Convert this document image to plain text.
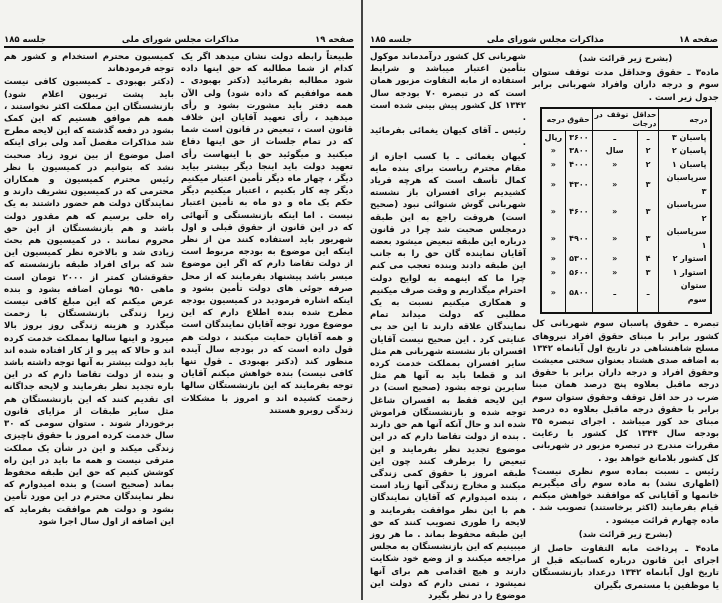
صفحه ۱۹
مذاکرات مجلس شورای ملی
جلسه ۱۸۵

طبیعتاً رابطه دولت نشان میدهد اگر یک کدام از شما مطالبه که حق اینها داده شود مطالبه بفرمائید (دکتر بهبودی ـ همه موافقیم که داده شود) ولی الآن همه دفتر باید مشورت بشود و رأی میدهید ، رأی تعهید آقایان این خلاف قانون است ، تبعیض در قانون است شما که در تمام جلسات از حق اینها دفاع میکنید و میگوئید حق با اینهاست رأی تعهید دولت باید اینجا دیگر بیشتر بیاید دیگر ، چهار ماه دیگر تأمین اعتبار میکنیم دیگر چه کار بکنیم ، اعتبار میکنیم دیگر حکم یک ماه و دو ماه به تأمین اعتبار نیست . اما اینکه بازنشستگی و آنهائی که در این قانون از حقوق قبلی و اول شهریور باید استفاده کنند من از نظر اینکه این موضوع به بودجه مربوط است از دولت تقاضا دارم که اگر این موضوع میسر باشد پیشنهاد بفرمایند که از محل صرفه جوئی های دولت تأمین بشود و اینکه اشاره فرمودید در کمیسیون بودجه مطرح شده بنده اطلاع دارم که این موضوع مورد توجه آقایان نمایندگان است و همه آقایان حمایت میکنند ، دولت هم قول داده است که در بودجه سال آینده منظور کند (دکتر بهبودی ـ قول تنها کافی نیست) بنده خواهش میکنم آقایان توجه بفرمایند که این بازنشستگان سالها زحمت کشیده اند و امروز با مشکلات زندگی روبرو هستند

کمیسیون محترم استخدام و کشور هم توجه فرمودهاند

(دکتر بهبودی ـ کمیسیون کافی نیست باید پشت تریبون اعلام شود) بازنشستگان این مملکت اکثر نخواستند ، همه هم موافق هستیم که این کمک بشود در دفعه گذشته که این لایحه مطرح شد مذاکرات مفصل آمد ولی برای اینکه اصل موضوع از بین نرود زیاد صحبت نشد که بتوانیم در کمیسیون با نظر رئیس محترم کمیسیون و همکاران محترمی که در کمیسیون تشریف دارند و نمایندگان دولت هم حضور داشتند به یک راه حلی برسیم که هم مقدور دولت باشد و هم بازنشستگان از این حق محروم نمانند . در کمیسیون هم بحث زیادی شد و بالاخره نظر کمیسیون این شد که برای افراد طبقه بازنشسته که حقوقشان کمتر از ۲۰۰۰ تومان است ماهی ۹۵۰ تومان اضافه بشود و بنده عرض میکنم که این مبلغ کافی نیست زیرا زندگی بازنشستگان با زحمت میگذرد و هزینه زندگی روز بروز بالا میرود و اینها سالها بمملکت خدمت کرده اند و حالا که پیر و از کار افتاده شده اند باید دولت بیشتر به آنها توجه داشته باشد و بنده از دولت تقاضا دارم که در این باره تجدید نظر بفرمایند و لایحه جداگانه ای تقدیم کنند که این بازنشستگان هم مثل سایر طبقات از مزایای قانون برخوردار شوند . ستوان سومی که ۳۰ سال خدمت کرده امروز با حقوق ناچیزی زندگی میکند و این در شأن یک مملکت مترقی نیست و همه ما باید در این راه کوشش کنیم که حق این طبقه محفوظ بماند (صحیح است) و بنده امیدوارم که نظر نمایندگان محترم در این مورد تأمین بشود و دولت هم موافقت بفرماید که این اضافه از اول سال اجرا شود

صفحه ۱۸
مذاکرات مجلس شورای ملی
جلسه ۱۸۵

(بشرح زیر قرائت شد)

ماده۳ ـ حقوق وحداقل مدت توقف ستوان سوم و درجه داران وافراد شهربانی برابر جدول زیر است .

درجه	حداقل توقف در درجات		حقوق درجه	
پاسبان ۳	ـ	ـ	۳۶۰۰	ریال
پاسبان ۲	۲	سال	۳۸۰۰	«
پاسبان ۱	۲	«	۴۰۰۰	«
سرپاسبان ۳	۳	«	۴۳۰۰	«
سرپاسبان ۲	۳	«	۴۶۰۰	«
سرپاسبان ۱	۳	«	۴۹۰۰	«
استوار ۲	۴	«	۵۳۰۰	«
استوار ۱	۳	«	۵۶۰۰	«
ستوان سوم	ـ	ـ	۵۸۰۰	«

تبصره ـ حقوق پاسبان سوم شهربانی کل کشور برابر با مبنای حقوق افراد نیروهای مسلح شاهنشاهی در تاریخ اول آبانماه ۱۳۴۲ به اضافه صدی هشتاد بعنوان سختی معیشت وحقوق افراد و درجه داران برابر با حقوق درجه ماقبل بعلاوه پنج درصد همان مبنا ضرب در حد اقل توقف وحقوق ستوان سوم برابر با حقوق درجه ماقبل بعلاوه ده درصد مبنای حد کور میباشد . اجرای تبصره ۳۵ بودجه سال ۱۳۴۴ کل کشور با رعایت مقررات مندرج در تبصره مزبور در شهربانی کل کشور بلامانع خواهد بود .

رئیس ـ نسبت بماده سوم نظری نیست؟ (اظهاری نشد) به ماده سوم رأی میگیریم خانمها و آقایانی که موافقند خواهش میکنم قیام بفرمایند (اکثر برخاستند) تصویب شد . ماده چهارم قرائت میشود .

(بشرح زیر قرائت شد)

ماده۴ ـ پرداخت مابه التفاوت حاصل از اجرای این قانون درباره کسانیکه قبل از تاریخ اول آبانماه ۱۳۴۲ درعداد بازنشستگان یا موظفین یا مستمری بگیران

شهربانی کل کشور درآمدماند موکول بتأمین اعتبار میباشد و شرایط استفاده از مابه التفاوت مزبور همان است که در تبصره ۷۰ بودجه سال ۱۳۴۲ کل کشور پیش بینی شده است .

رئیس ـ آقای کیهان یغمائی بفرمائید .

کیهان یغمائی ـ با کسب اجازه از مقام محترم ریاست برای بنده مایه کمال تأسف است که هرچه فریاد کشیدیم برای افسران باز نشسته شهربانی گوش شنوائی نبود (صحیح است) هروقت راجع به این طبقه درمجلس صحبت شد چرا در قانون درباره این طبقه تبعیض میشود بعضه آقایان نماینده گان حق را به جانب این طبقه دادند وبنده تعجب می کنم چرا ما که اینهمه به لوایح دولت احترام میگذاریم و وقت صرف میکنیم و همکاری میکنیم نسبت به یک مطلبی که دولت میداند تمام نمایندگان علاقه دارند تا این حد بی عنایتی کرد . این صحیح نیست آقایان افسران باز نشسته شهربانی هم مثل سایر افسران بمملکت خدمت کرده اند و قطعا باید به آنها هم مثل سایرین توجه بشود (صحیح است) در این لایحه فقط به افسران شاغل توجه شده و بازنشستگان فراموش شده اند و حال آنکه آنها هم حق دارند . بنده از دولت تقاضا دارم که در این موضوع تجدید نظر بفرمایند و این تبعیض را برطرف کنند چون این طبقه امروز با حقوق کمی زندگی میکنند و مخارج زندگی آنها زیاد است ، بنده امیدوارم که آقایان نمایندگان هم با این نظر موافقت بفرمایند و لایحه را طوری تصویب کنند که حق این طبقه محفوظ بماند . ما هر روز میبینیم که این بازنشستگان به مجلس مراجعه میکنند و از وضع خود شکایت دارند و هیچ اقدامی هم برای آنها نمیشود ، تمنی دارم که دولت این موضوع را در نظر بگیرد
